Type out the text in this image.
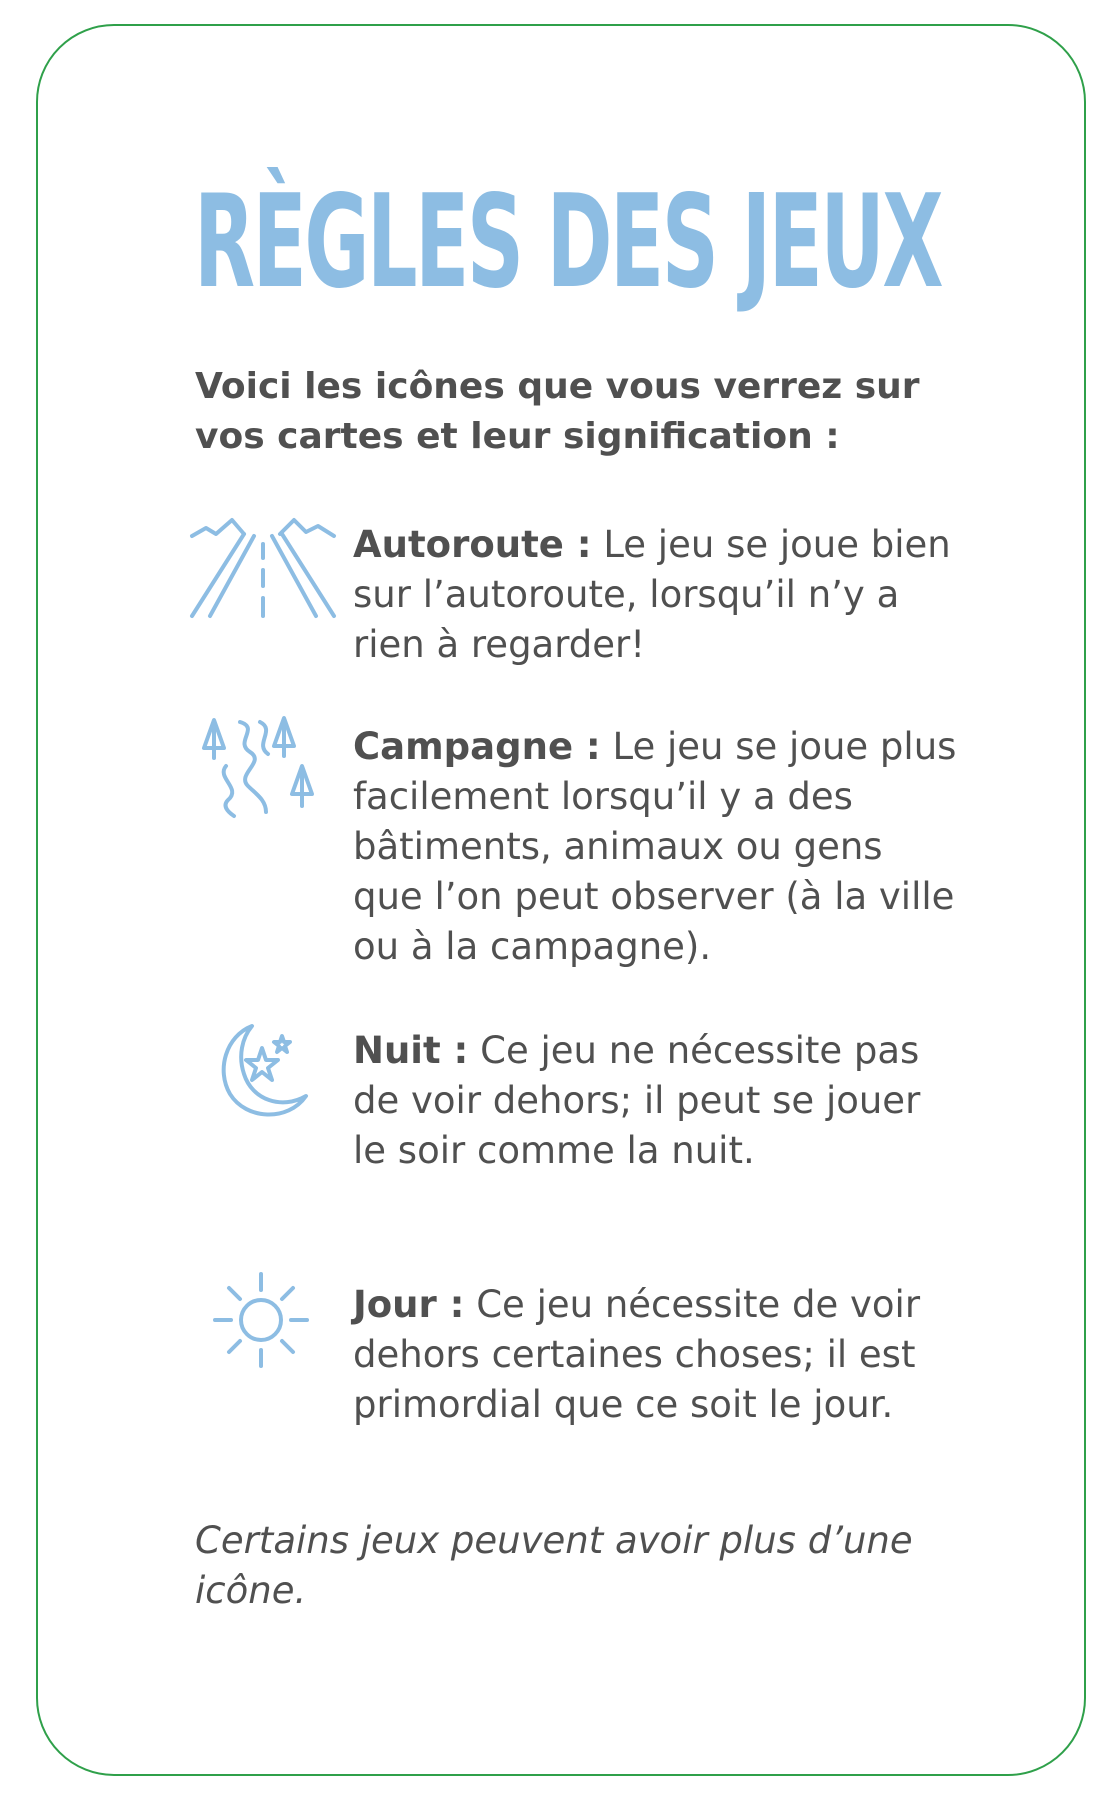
RÈGLES DES JEUX

Voici les icônes que vous verrez sur vos cartes et leur signification :

Autoroute : Le jeu se joue bien sur l’autoroute, lorsqu’il n’y a rien à regarder!

Campagne : Le jeu se joue plus facilement lorsqu’il y a des bâtiments, animaux ou gens que l’on peut observer (à la ville ou à la campagne).

Nuit : Ce jeu ne nécessite pas de voir dehors; il peut se jouer le soir comme la nuit.

Jour : Ce jeu nécessite de voir dehors certaines choses; il est primordial que ce soit le jour.

Certains jeux peuvent avoir plus d’une icône.
